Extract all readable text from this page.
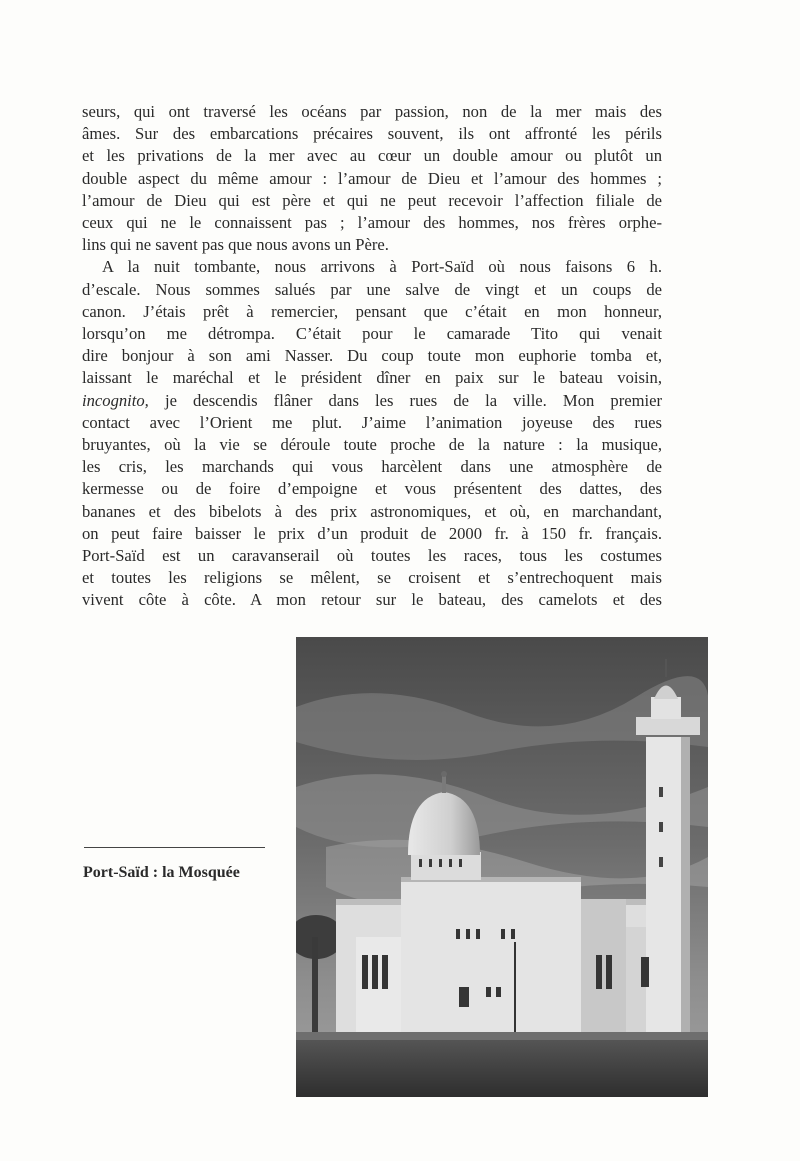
seurs, qui ont traversé les océans par passion, non de la mer mais des
âmes. Sur des embarcations précaires souvent, ils ont affronté les périls
et les privations de la mer avec au cœur un double amour ou plutôt un
double aspect du même amour : l’amour de Dieu et l’amour des hommes ;
l’amour de Dieu qui est père et qui ne peut recevoir l’affection filiale de
ceux qui ne le connaissent pas ; l’amour des hommes, nos frères orphe-
lins qui ne savent pas que nous avons un Père.
A la nuit tombante, nous arrivons à Port-Saïd où nous faisons 6 h.
d’escale. Nous sommes salués par une salve de vingt et un coups de
canon. J’étais prêt à remercier, pensant que c’était en mon honneur,
lorsqu’on me détrompa. C’était pour le camarade Tito qui venait
dire bonjour à son ami Nasser. Du coup toute mon euphorie tomba et,
laissant le maréchal et le président dîner en paix sur le bateau voisin,
incognito, je descendis flâner dans les rues de la ville. Mon premier
contact avec l’Orient me plut. J’aime l’animation joyeuse des rues
bruyantes, où la vie se déroule toute proche de la nature : la musique,
les cris, les marchands qui vous harcèlent dans une atmosphère de
kermesse ou de foire d’empoigne et vous présentent des dattes, des
bananes et des bibelots à des prix astronomiques, et où, en marchandant,
on peut faire baisser le prix d’un produit de 2000 fr. à 150 fr. français.
Port-Saïd est un caravanserail où toutes les races, tous les costumes
et toutes les religions se mêlent, se croisent et s’entrechoquent mais
vivent côte à côte. A mon retour sur le bateau, des camelots et des
Port-Saïd : la Mosquée
